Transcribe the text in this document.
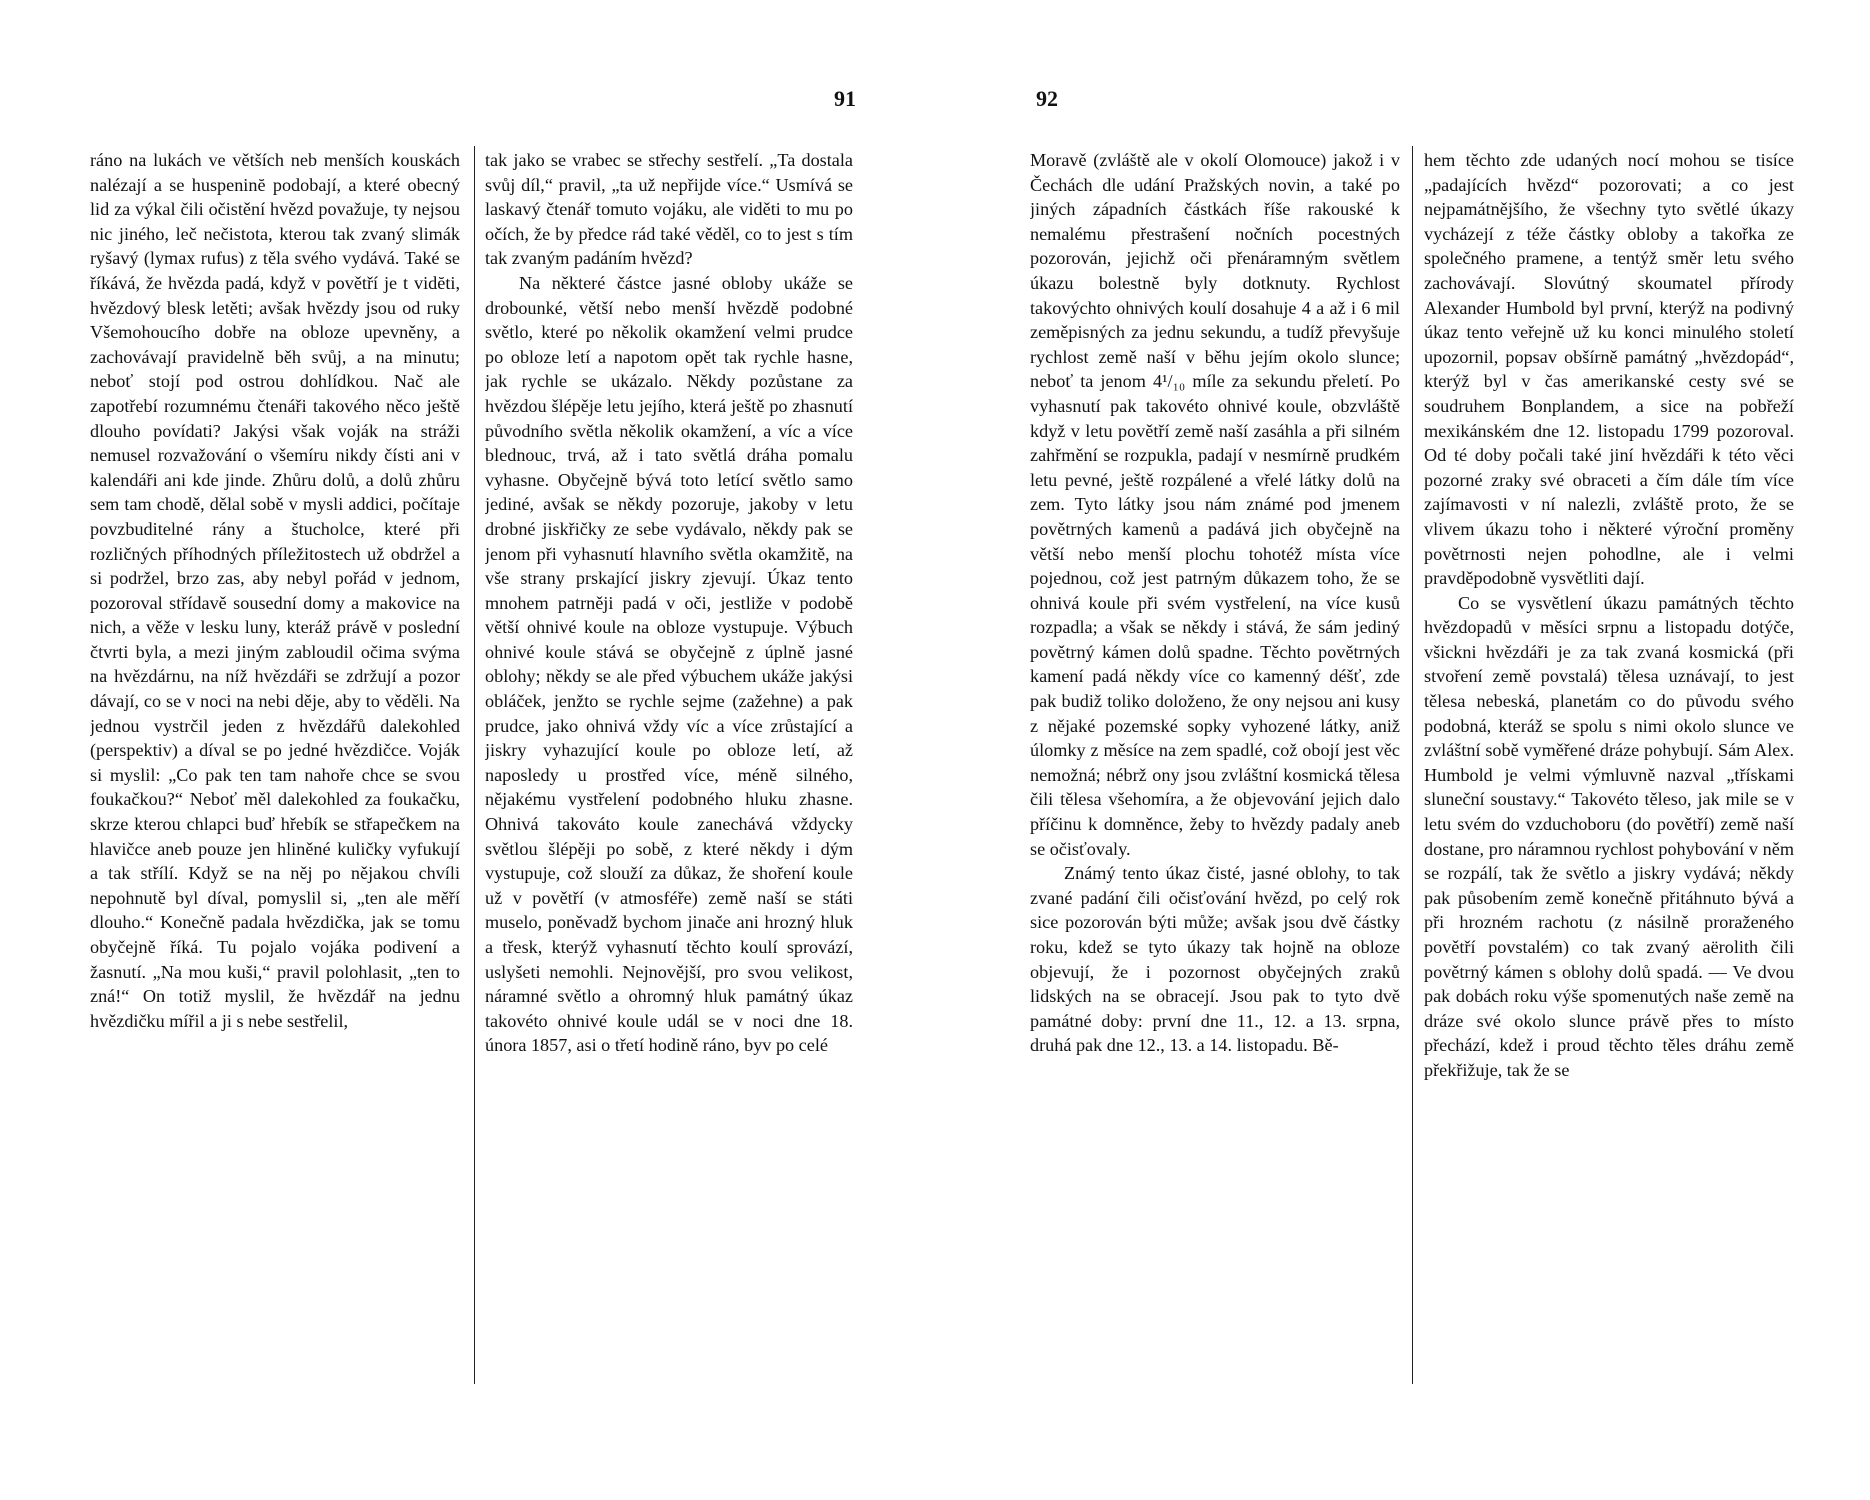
91	92

ráno na lukách ve větších neb menších kouskách nalézají a se huspeninĕ podobají, a které obecný lid za výkal čili očistění hvězd považuje, ty nejsou nic jiného, leč nečistota, kterou tak zvaný slimák ryšavý (lymax rufus) z těla svého vydává. Také se říkává, že hvězda padá, když v povětří je t vidĕti, hvězdový blesk letěti; avšak hvězdy jsou od ruky Všemohoucího dobře na obloze upevněny, a zachovávají pravidelně běh svůj, a na minutu; neboť stojí pod ostrou dohlídkou. Nač ale zapotřebí rozumnému čtenáři takového něco ještě dlouho povídati? Jakýsi však voják na stráži nemusel rozvažování o všemíru nikdy čísti ani v kalendáři ani kde jinde. Zhůru dolů, a dolů zhůru sem tam chodě, dělal sobě v mysli addici, počítaje povzbuditelné rány a štucholce, které při rozličných příhodných příležitostech už obdržel a si podržel, brzo zas, aby nebyl pořád v jednom, pozoroval střídavě sousední domy a makovice na nich, a věže v lesku luny, kteráž právě v poslední čtvrti byla, a mezi jiným zabloudil očima svýma na hvězdárnu, na níž hvězdáři se zdržují a pozor dávají, co se v noci na nebi děje, aby to věděli. Na jednou vystrčil jeden z hvězdářů dalekohled (perspektiv) a díval se po jedné hvězdičce. Voják si myslil: „Co pak ten tam nahoře chce se svou foukačkou?“ Neboť měl dalekohled za foukačku, skrze kterou chlapci buď hřebík se střapečkem na hlavičce aneb pouze jen hliněné kuličky vyfukují a tak střílí. Když se na něj po nějakou chvíli nepohnutě byl díval, pomyslil si, „ten ale měří dlouho.“ Konečně padala hvězdička, jak se tomu obyčejně říká. Tu pojalo vojáka podivení a žasnutí. „Na mou kuši,“ pravil polohlasit, „ten to zná!“ On totiž myslil, že hvězdář na jednu hvězdičku mířil a ji s nebe sestřelil,

tak jako se vrabec se střechy sestřelí. „Ta dostala svůj díl,“ pravil, „ta už nepřijde více.“ Usmívá se laskavý čtenář tomuto vojáku, ale viděti to mu po očích, že by předce rád také věděl, co to jest s tím tak zvaným padáním hvězd?

Na některé částce jasné obloby ukáže se drobounké, větší nebo menší hvězdě podobné světlo, které po několik okamžení velmi prudce po obloze letí a napotom opět tak rychle hasne, jak rychle se ukázalo. Někdy pozůstane za hvězdou šlépěje letu jejího, která ještě po zhasnutí původního světla několik okamžení, a víc a více blednouc, trvá, až i tato světlá dráha pomalu vyhasne. Obyčejně bývá toto letící světlo samo jediné, avšak se někdy pozoruje, jakoby v letu drobné jiskřičky ze sebe vydávalo, někdy pak se jenom při vyhasnutí hlavního světla okamžitě, na vše strany prskající jiskry zjevují. Úkaz tento mnohem patrněji padá v oči, jestliže v podobě větší ohnivé koule na obloze vystupuje. Výbuch ohnivé koule stává se obyčejně z úplně jasné oblohy; někdy se ale před výbuchem ukáže jakýsi obláček, jenžto se rychle sejme (zažehne) a pak prudce, jako ohnivá vždy víc a více zrůstající a jiskry vyhazující koule po obloze letí, až naposledy u prostřed více, méně silného, nějakému vystřelení podobného hluku zhasne. Ohnivá takováto koule zanechává vždycky světlou šlépěji po sobě, z které někdy i dým vystupuje, což slouží za důkaz, že shoření koule už v povětří (v atmosféře) země naší se státi muselo, poněvadž bychom jinače ani hrozný hluk a třesk, kterýž vyhasnutí těchto koulí sprovází, uslyšeti nemohli. Nejnovější, pro svou velikost, náramné světlo a ohromný hluk památný úkaz takovéto ohnivé koule udál se v noci dne 18. února 1857, asi o třetí hodině ráno, byv po celé

Moravě (zvláště ale v okolí Olomouce) jakož i v Čechách dle udání Pražských novin, a také po jiných západních částkách říše rakouské k nemalému přestrašení nočních pocestných pozorován, jejichž oči přenáramným světlem úkazu bolestně byly dotknuty. Rychlost takovýchto ohnivých koulí dosahuje 4 a až i 6 mil zeměpisných za jednu sekundu, a tudíž převyšuje rychlost země naší v běhu jejím okolo slunce; neboť ta jenom 4¹/₁₀ míle za sekundu přeletí. Po vyhasnutí pak takovéto ohnivé koule, obzvláště když v letu povětří země naší zasáhla a při silném zahřmění se rozpukla, padají v nesmírně prudkém letu pevné, ještě rozpálené a vřelé látky dolů na zem. Tyto látky jsou nám známé pod jmenem povětrných kamenů a padává jich obyčejně na větší nebo menší plochu tohotéž místa více pojednou, což jest patrným důkazem toho, že se ohnivá koule při svém vystřelení, na více kusů rozpadla; a však se někdy i stává, že sám jediný povětrný kámen dolů spadne. Těchto povětrných kamení padá někdy více co kamenný déšť, zde pak budiž toliko doloženo, že ony nejsou ani kusy z nějaké pozemské sopky vyhozené látky, aniž úlomky z měsíce na zem spadlé, což obojí jest věc nemožná; nébrž ony jsou zvláštní kosmická tělesa čili tělesa všehomíra, a že objevování jejich dalo příčinu k domněnce, žeby to hvězdy padaly aneb se očisťovaly.

Známý tento úkaz čisté, jasné oblohy, to tak zvané padání čili očisťování hvězd, po celý rok sice pozorován býti může; avšak jsou dvě částky roku, kdež se tyto úkazy tak hojně na obloze objevují, že i pozornost obyčejných zraků lidských na se obracejí. Jsou pak to tyto dvě památné doby: první dne 11., 12. a 13. srpna, druhá pak dne 12., 13. a 14. listopadu. Bě-

hem těchto zde udaných nocí mohou se tisíce „padajících hvězd“ pozorovati; a co jest nejpamátnějšího, že všechny tyto světlé úkazy vycházejí z téže částky obloby a takořka ze společného pramene, a tentýž směr letu svého zachovávají. Slovútný skoumatel přírody Alexander Humbold byl první, kterýž na podivný úkaz tento veřejně už ku konci minulého století upozornil, popsav obšírně památný „hvězdopád“, kterýž byl v čas amerikanské cesty své se soudruhem Bonplandem, a sice na pobřeží mexikánském dne 12. listopadu 1799 pozoroval. Od té doby počali také jiní hvězdáři k této věci pozorné zraky své obraceti a čím dále tím více zajímavosti v ní nalezli, zvláště proto, že se vlivem úkazu toho i některé výroční proměny povětrnosti nejen pohodlne, ale i velmi pravděpodobně vysvětliti dají.

Co se vysvětlení úkazu památných těchto hvězdopadů v měsíci srpnu a listopadu dotýče, všickni hvězdáři je za tak zvaná kosmická (při stvoření země povstalá) tělesa uznávají, to jest tělesa nebeská, planetám co do původu svého podobná, kteráž se spolu s nimi okolo slunce ve zvláštní sobě vyměřené dráze pohybují. Sám Alex. Humbold je velmi výmluvně nazval „třískami sluneční soustavy.“ Takovéto těleso, jak mile se v letu svém do vzduchoboru (do povětří) země naší dostane, pro náramnou rychlost pohybování v něm se rozpálí, tak že světlo a jiskry vydává; někdy pak působením země konečně přitáhnuto bývá a při hrozném rachotu (z násilně proraženého povětří povstalém) co tak zvaný aërolith čili povětrný kámen s oblohy dolů spadá. — Ve dvou pak dobách roku výše spomenutých naše země na dráze své okolo slunce právě přes to místo přechází, kdež i proud těchto těles dráhu země překřižuje, tak že se
